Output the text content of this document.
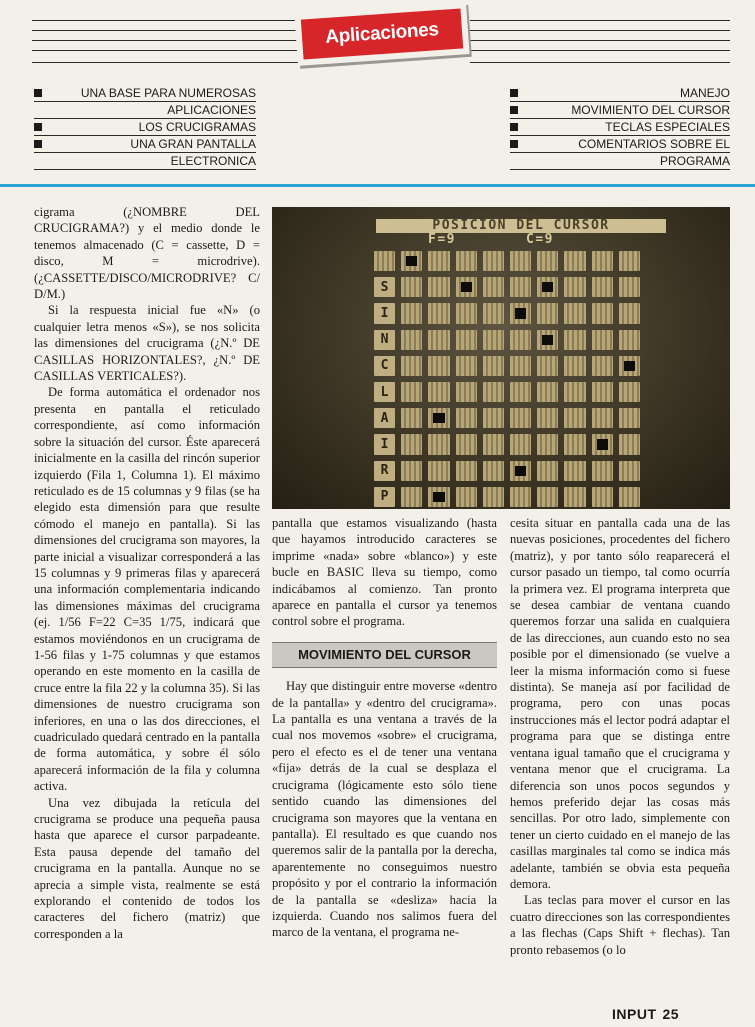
Aplicaciones
UNA BASE PARA NUMEROSAS
APLICACIONES
LOS CRUCIGRAMAS
UNA GRAN PANTALLA
ELECTRONICA
MANEJO
MOVIMIENTO DEL CURSOR
TECLAS ESPECIALES
COMENTARIOS SOBRE EL
PROGRAMA

cigrama (¿NOMBRE DEL CRUCIGRAMA?) y el medio donde le tenemos almacenado (C = cassette, D = disco, M = microdrive). (¿CASSETTE/DISCO/MICRODRIVE? C/ D/M.)

Si la respuesta inicial fue «N» (o cualquier letra menos «S»), se nos solicita las dimensiones del crucigrama (¿N.º DE CASILLAS HORIZONTALES?, ¿N.º DE CASILLAS VERTICALES?).

De forma automática el ordenador nos presenta en pantalla el reticulado correspondiente, así como información sobre la situación del cursor. Éste aparecerá inicialmente en la casilla del rincón superior izquierdo (Fila 1, Columna 1). El máximo reticulado es de 15 columnas y 9 filas (se ha elegido esta dimensión para que resulte cómodo el manejo en pantalla). Si las dimensiones del crucigrama son mayores, la parte inicial a visualizar corresponderá a las 15 columnas y 9 primeras filas y aparecerá una información complementaria indicando las dimensiones máximas del crucigrama (ej. 1/56 F=22 C=35 1/75, indicará que estamos moviéndonos en un crucigrama de 1-56 filas y 1-75 columnas y que estamos operando en este momento en la casilla de cruce entre la fila 22 y la columna 35). Si las dimensiones de nuestro crucigrama son inferiores, en una o las dos direcciones, el cuadriculado quedará centrado en la pantalla de forma automática, y sobre él sólo aparecerá información de la fila y columna activa.

Una vez dibujada la retícula del crucigrama se produce una pequeña pausa hasta que aparece el cursor parpadeante. Esta pausa depende del tamaño del crucigrama en la pantalla. Aunque no se aprecia a simple vista, realmente se está explorando el contenido de todos los caracteres del fichero (matriz) que corresponden a la

POSICION DEL CURSOR
F=9	C=9
S
I
N
C
L
A
I
R
P

pantalla que estamos visualizando (hasta que hayamos introducido caracteres se imprime «nada» sobre «blanco») y este bucle en BASIC lleva su tiempo, como indicábamos al comienzo. Tan pronto aparece en pantalla el cursor ya tenemos control sobre el programa.

MOVIMIENTO DEL CURSOR

Hay que distinguir entre moverse «dentro de la pantalla» y «dentro del crucigrama». La pantalla es una ventana a través de la cual nos movemos «sobre» el crucigrama, pero el efecto es el de tener una ventana «fija» detrás de la cual se desplaza el crucigrama (lógicamente esto sólo tiene sentido cuando las dimensiones del crucigrama son mayores que la ventana en pantalla). El resultado es que cuando nos queremos salir de la pantalla por la derecha, aparentemente no conseguimos nuestro propósito y por el contrario la información de la pantalla se «desliza» hacia la izquierda. Cuando nos salimos fuera del marco de la ventana, el programa ne-

cesita situar en pantalla cada una de las nuevas posiciones, procedentes del fichero (matriz), y por tanto sólo reaparecerá el cursor pasado un tiempo, tal como ocurría la primera vez. El programa interpreta que se desea cambiar de ventana cuando queremos forzar una salida en cualquiera de las direcciones, aun cuando esto no sea posible por el dimensionado (se vuelve a leer la misma información como si fuese distinta). Se maneja así por facilidad de programa, pero con unas pocas instrucciones más el lector podrá adaptar el programa para que se distinga entre ventana igual tamaño que el crucigrama y ventana menor que el crucigrama. La diferencia son unos pocos segundos y hemos preferido dejar las cosas más sencillas. Por otro lado, simplemente con tener un cierto cuidado en el manejo de las casillas marginales tal como se indica más adelante, también se obvia esta pequeña demora.

Las teclas para mover el cursor en las cuatro direcciones son las correspondientes a las flechas (Caps Shift + flechas). Tan pronto rebasemos (o lo

INPUT 25
